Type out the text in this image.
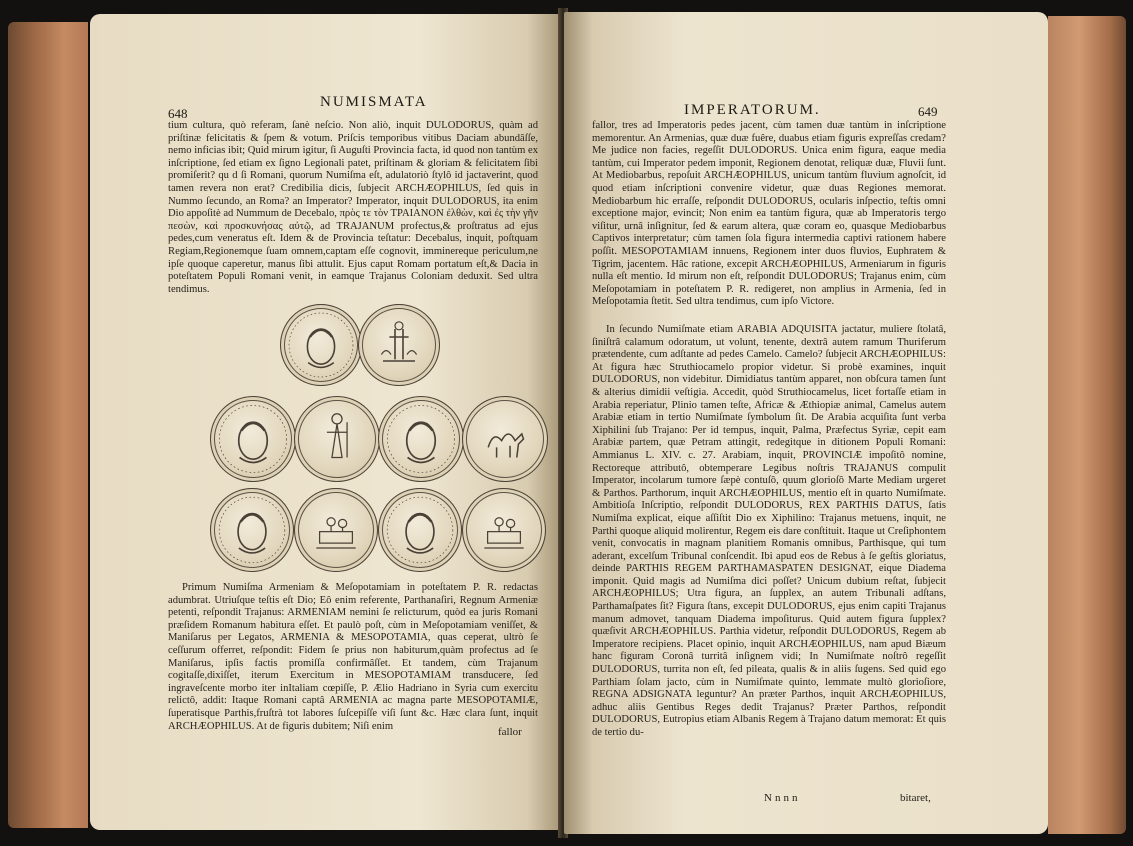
648
NUMISMATA

tium cultura, quò referam, ſanè neſcio. Non aliò, inquit DULODORUS, quàm ad priſtinæ felicitatis & ſpem & votum. Priſcis temporibus vitibus Daciam abundâſſe, nemo inficias ibit; Quid mirum igitur, ſi Auguſti Provincia facta, id quod non tantùm ex inſcriptione, ſed etiam ex ſigno Legionali patet, priſtinam & gloriam & felicitatem ſibi promiſerit? qu d ſi Romani, quorum Numiſma eſt, adulatoriò ſtylô id jactaverint, quod tamen revera non erat? Credibilia dicis, ſubjecit ARCHÆOPHILUS, ſed quis in Nummo ſecundo, an Roma? an Imperator? Imperator, inquit DULODORUS, ita enim Dio appoſitè ad Nummum de Decebalo, πρὸς τε τὸν ΤΡΑΙΑΝΟΝ ἐλθὼν, καὶ ἐς τὴν γῆν πεσὼν, καὶ προσκυνήσας αὐτῷ, ad TRAJANUM profectus,& proſtratus ad ejus pedes,cum veneratus eſt. Idem & de Provincia teſtatur: Decebalus, inquit, poſtquam Regiam,Regionemque ſuam omnem,captam eſſe cognovit, imminereque periculum,ne ipſe quoque caperetur, manus ſibi attulit. Ejus caput Romam portatum eſt,& Dacia in poteſtatem Populi Romani venit, in eamque Trajanus Coloniam deduxit. Sed ultra tendimus.

Primum Numiſma Armeniam & Meſopotamiam in poteſtatem P. R. redactas adumbrat. Utriuſque teſtis eſt Dio; Eô enim referente, Parthanaſiri, Regnum Armeniæ petenti, reſpondit Trajanus: ARMENIAM nemini ſe relicturum, quòd ea juris Romani præſidem Romanum habitura eſſet. Et paulò poſt, cùm in Meſopotamiam veniſſet, & Maniſarus per Legatos, ARMENIA & MESOPOTAMIA, quas ceperat, ultrò ſe ceſſurum offerret, reſpondit: Fidem ſe prius non habiturum,quàm profectus ad ſe Maniſarus, ipſis factis promiſſa confirmâſſet. Et tandem, cùm Trajanum cogitaſſe,dixiſſet, iterum Exercitum in MESOPOTAMIAM transducere, ſed ingraveſcente morbo iter inItaliam cœpiſſe, P. Ælio Hadriano in Syria cum exercitu relictô, addit: Itaque Romani captâ ARMENIA ac magna parte MESOPOTAMIÆ, ſuperatisque Parthis,fruſtrà tot labores ſuſcepiſſe viſi ſunt &c. Hæc clara ſunt, inquit ARCHÆOPHILUS. At de figuris dubitem; Niſi enim	fallor
IMPERATORUM.	649

fallor, tres ad Imperatoris pedes jacent, cùm tamen duæ tantùm in inſcriptione memorentur. An Armenias, quæ duæ fuêre, duabus etiam figuris expreſſas credam? Me judice non facies, regeſſit DULODORUS. Unica enim figura, eaque media tantùm, cui Imperator pedem imponit, Regionem denotat, reliquæ duæ, Fluvii ſunt. At Mediobarbus, repoſuit ARCHÆOPHILUS, unicum tantùm fluvium agnoſcit, id quod etiam inſcriptioni convenire videtur, quæ duas Regiones memorat. Mediobarbum hic erraſſe, reſpondit DULODORUS, ocularis inſpectio, teſtis omni exceptione major, evincit; Non enim ea tantùm figura, quæ ab Imperatoris tergo viſitur, urnâ inſignitur, ſed & earum altera, quæ coram eo, quasque Mediobarbus Captivos interpretatur; cùm tamen ſola figura intermedia captivi rationem habere poſſit. MESOPOTAMIAM innuens, Regionem inter duos fluvios, Euphratem & Tigrim, jacentem. Hâc ratione, excepit ARCHÆOPHILUS, Armeniarum in figuris nulla eſt mentio. Id mirum non eſt, reſpondit DULODORUS; Trajanus enim, cùm Meſopotamiam in poteſtatem P. R. redigeret, non amplius in Armenia, ſed in Meſopotamia ſtetit. Sed ultra tendimus, cum ipſo Victore.

In ſecundo Numiſmate etiam ARABIA ADQUISITA jactatur, muliere ſtolatâ, ſiniſtrâ calamum odoratum, ut volunt, tenente, dextrâ autem ramum Thuriferum prætendente, cum adſtante ad pedes Camelo. Camelo? ſubjecit ARCHÆOPHILUS: At figura hæc Struthiocamelo propior videtur. Si probè examines, inquit DULODORUS, non videbitur. Dimidiatus tantùm apparet, non obſcura tamen ſunt & alterius dimidii veſtigia. Accedit, quòd Struthiocamelus, licet fortaſſe etiam in Arabia reperiatur, Plinio tamen teſte, Africæ & Æthiopiæ animal, Camelus autem Arabiæ etiam in tertio Numiſmate ſymbolum ſit. De Arabia acquiſita ſunt verba Xiphilini ſub Trajano: Per id tempus, inquit, Palma, Præfectus Syriæ, cepit eam Arabiæ partem, quæ Petram attingit, redegitque in ditionem Populi Romani: Ammianus L. XIV. c. 27. Arabiam, inquit, PROVINCIÆ impoſitô nomine, Rectoreque attributô, obtemperare Legibus noſtris TRAJANUS compulit Imperator, incolarum tumore ſæpè contuſô, quum glorioſô Marte Mediam urgeret & Parthos. Parthorum, inquit ARCHÆOPHILUS, mentio eſt in quarto Numiſmate. Ambitioſa Inſcriptio, reſpondit DULODORUS, REX PARTHIS DATUS, ſatis Numiſma explicat, eique aſſiſtit Dio ex Xiphilino: Trajanus metuens, inquit, ne Parthi quoque aliquid molirentur, Regem eis dare conſtituit. Itaque ut Creſiphontem venit, convocatis in magnam planitiem Romanis omnibus, Parthisque, qui tum aderant, excelſum Tribunal conſcendit. Ibi apud eos de Rebus à ſe geſtis gloriatus, deinde PARTHIS REGEM PARTHAMASPATEN DESIGNAT, eique Diadema imponit. Quid magis ad Numiſma dici poſſet? Unicum dubium reſtat, ſubjecit ARCHÆOPHILUS; Utra figura, an ſupplex, an autem Tribunali adſtans, Parthamaſpates ſit? Figura ſtans, excepit DULODORUS, ejus enim capiti Trajanus manum admovet, tanquam Diadema impoſiturus. Quid autem figura ſupplex? quæſivit ARCHÆOPHILUS. Parthia videtur, reſpondit DULODORUS, Regem ab Imperatore recipiens. Placet opinio, inquit ARCHÆOPHILUS, nam apud Biæum hanc figuram Coronâ turritâ inſignem vidi; In Numiſmate noſtrô regeſſit DULODORUS, turrita non eſt, ſed pileata, qualis & in aliis ſugens. Sed quid ego Parthiam ſolam jacto, cùm in Numiſmate quinto, lemmate multò glorioſiore, REGNA ADSIGNATA leguntur? An præter Parthos, inquit ARCHÆOPHILUS, adhuc aliis Gentibus Reges dedit Trajanus? Præter Parthos, reſpondit DULODORUS, Eutropius etiam Albanis Regem à Trajano datum memorat: Et quis de tertio du-

Nnnn	bitaret,
